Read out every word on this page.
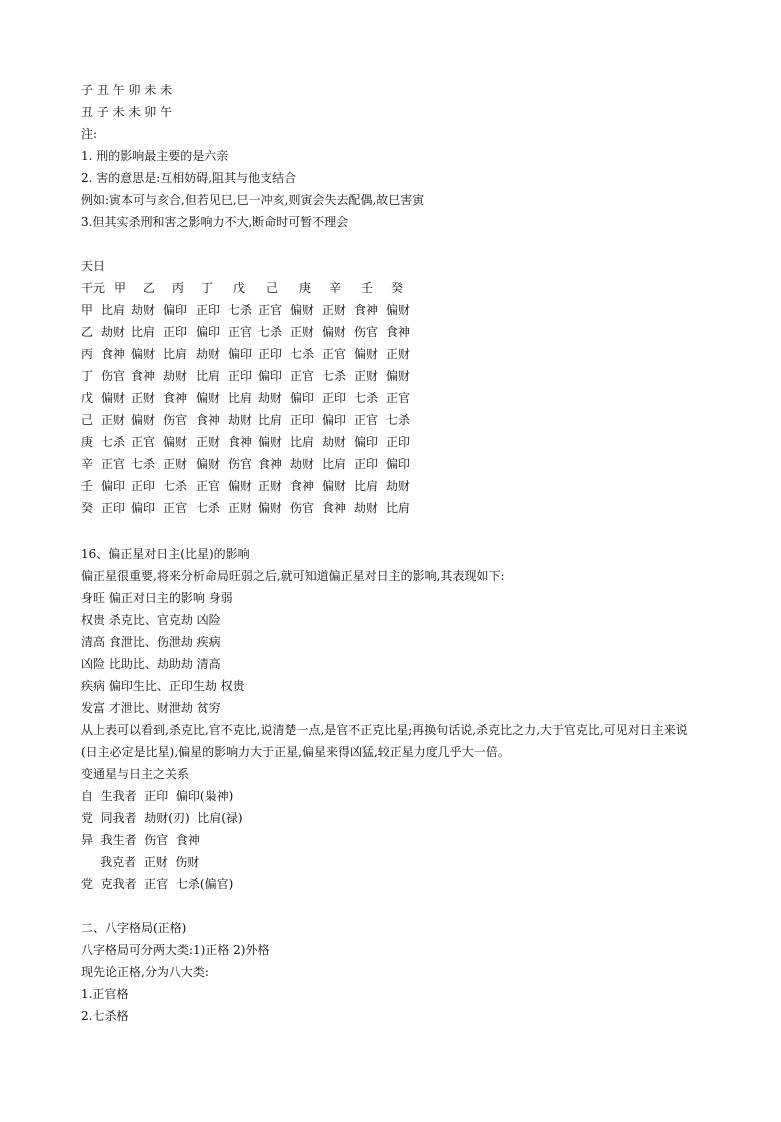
子 丑 午 卯 未 未
丑 子 未 未 卯 午
注:
1. 刑的影响最主要的是六亲
2. 害的意思是:互相妨碍,阻其与他支结合
例如:寅本可与亥合,但若见巳,巳一冲亥,则寅会失去配偶,故巳害寅
3.但其实杀刑和害之影响力不大,断命时可暂不理会
天日
干元 甲 乙 丙 丁 戊 己 庚 辛 壬 癸
甲 比肩 劫财 偏印 正印 七杀 正官 偏财 正财 食神 偏财
乙 劫财 比肩 正印 偏印 正官 七杀 正财 偏财 伤官 食神
丙 食神 偏财 比肩 劫财 偏印 正印 七杀 正官 偏财 正财
丁 伤官 食神 劫财 比肩 正印 偏印 正官 七杀 正财 偏财
戊 偏财 正财 食神 偏财 比肩 劫财 偏印 正印 七杀 正官
己 正财 偏财 伤官 食神 劫财 比肩 正印 偏印 正官 七杀
庚 七杀 正官 偏财 正财 食神 偏财 比肩 劫财 偏印 正印
辛 正官 七杀 正财 偏财 伤官 食神 劫财 比肩 正印 偏印
壬 偏印 正印 七杀 正官 偏财 正财 食神 偏财 比肩 劫财
癸 正印 偏印 正官 七杀 正财 偏财 伤官 食神 劫财 比肩
16、偏正星对日主(比星)的影响
偏正星很重要,将来分析命局旺弱之后,就可知道偏正星对日主的影响,其表现如下:
身旺 偏正对日主的影响 身弱
权贵 杀克比、官克劫 凶险
清高 食泄比、伤泄劫 疾病
凶险 比助比、劫助劫 清高
疾病 偏印生比、正印生劫 权贵
发富 才泄比、财泄劫 贫穷
从上表可以看到,杀克比,官不克比,说清楚一点,是官不正克比星;再换句话说,杀克比之力,大于官克比,可见对日主来说(日主必定是比星),偏星的影响力大于正星,偏星来得凶猛,较正星力度几乎大一倍。
变通星与日主之关系
自  生我者  正印  偏印(枭神)
党  同我者  劫财(刃)  比肩(禄)
异  我生者  伤官  食神
我克者  正财  伤财
党  克我者  正官  七杀(偏官)
二、八字格局(正格)
八字格局可分两大类:1)正格 2)外格
现先论正格,分为八大类:
1.正官格
2.七杀格
